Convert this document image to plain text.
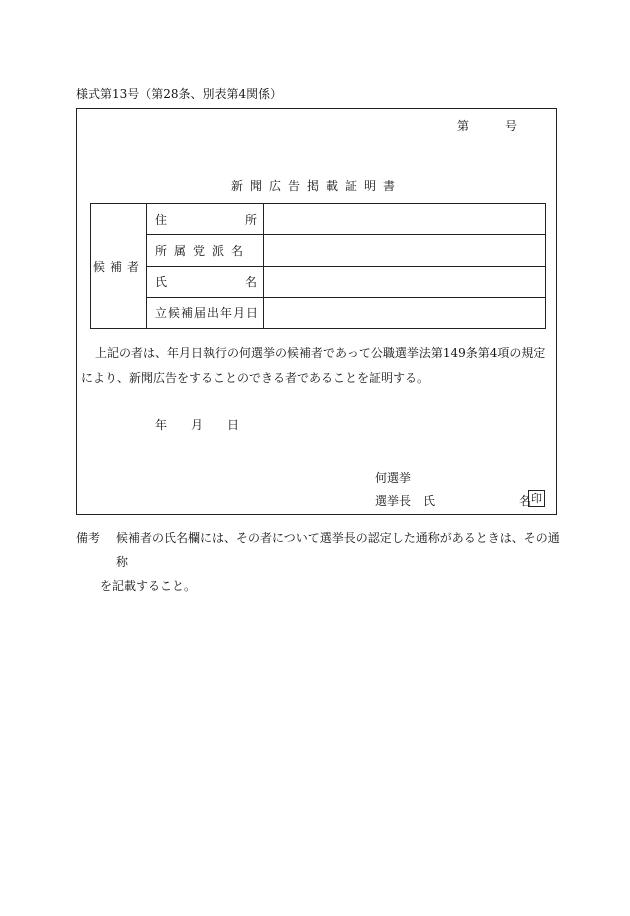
様式第13号（第28条、別表第4関係）
第　　　号
新聞広告掲載証明書
候補者	住 所	

	所属党派名	

	氏 名	

	立候補届出年月日	
上記の者は、年月日執行の何選挙の候補者であって公職選挙法第149条第4項の規定により、新聞広告をすることのできる者であることを証明する。
年　　月　　日
何選挙
選挙長　氏　　　　　　　名 印
備考	候補者の氏名欄には、その者について選挙長の認定した通称があるときは、その通称
を記載すること。
